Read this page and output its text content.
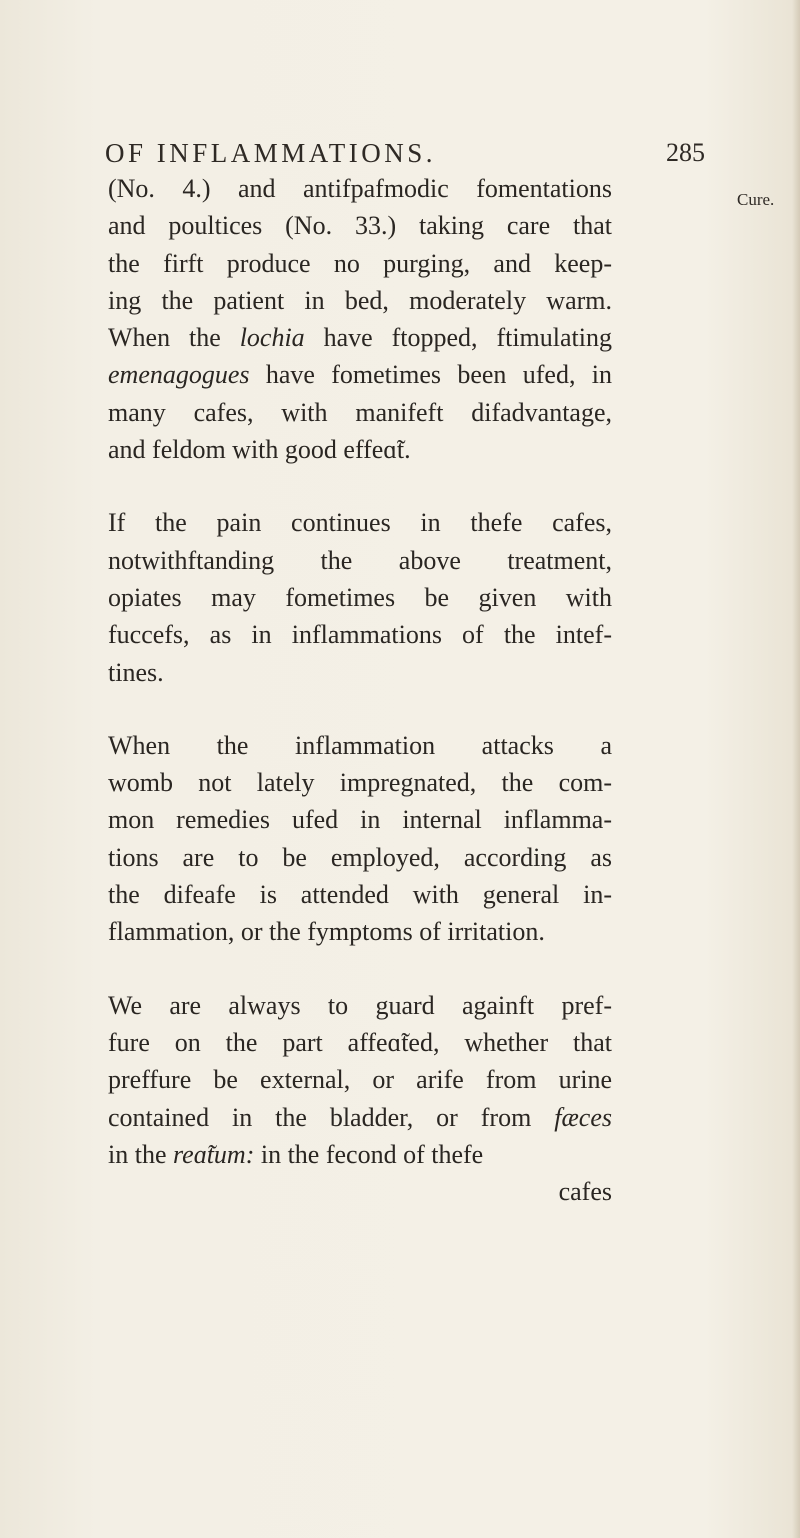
OF INFLAMMATIONS.	285
Cure.
(No. 4.) and antifpafmodic fomentations
and poultices (No. 33.) taking care that
the firft produce no purging, and keep-
ing the patient in bed, moderately warm.
When the lochia have ftopped, ftimulating
emenagogues have fometimes been ufed, in
many cafes, with manifeft difadvantage,
and feldom with good effeɑ̃t.
If the pain continues in thefe cafes,
notwithftanding the above treatment,
opiates may fometimes be given with
fuccefs, as in inflammations of the intef-
tines.
When the inflammation attacks a
womb not lately impregnated, the com-
mon remedies ufed in internal inflamma-
tions are to be employed, according as
the difeafe is attended with general in-
flammation, or the fymptoms of irritation.
We are always to guard againft pref-
fure on the part affeɑ̃ted, whether that
preffure be external, or arife from urine
contained in the bladder, or from fæces
in the reɑ̃tum: in the fecond of thefe
cafes
